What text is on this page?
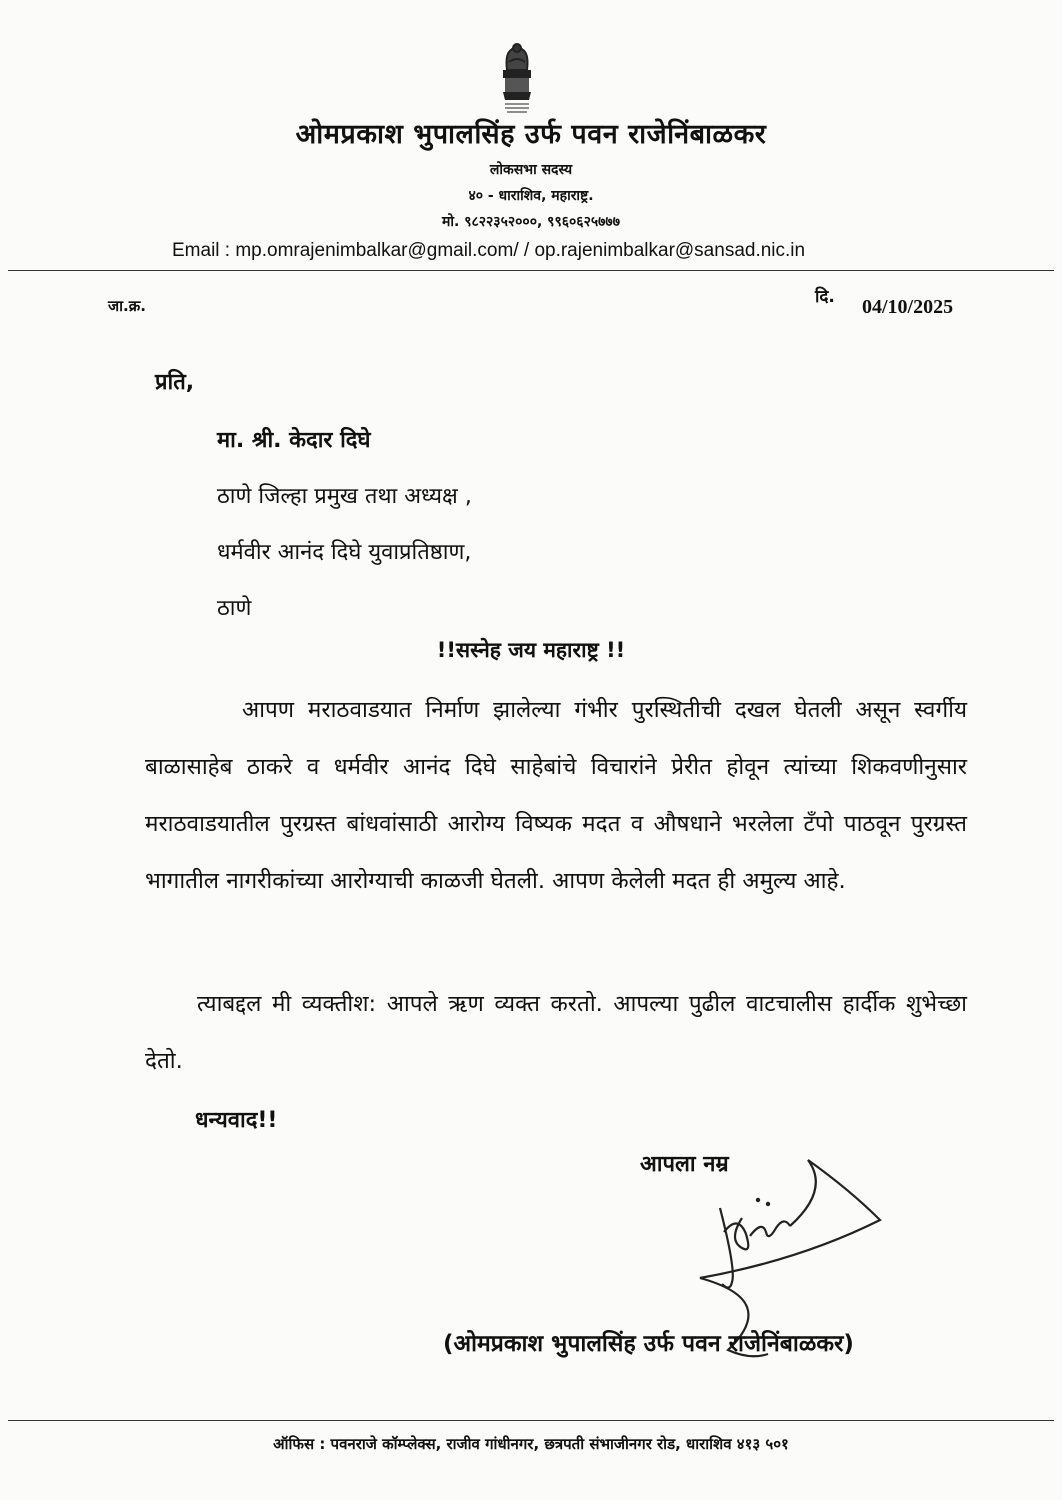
ओमप्रकाश भुपालसिंह उर्फ पवन राजेनिंबाळकर
लोकसभा सदस्य
४० - धाराशिव, महाराष्ट्र.
मो. ९८२२३५२०००, ९९६०६२५७७७
Email : mp.omrajenimbalkar@gmail.com/ / op.rajenimbalkar@sansad.nic.in
जा.क्र.	दि. 04/10/2025
प्रति,
मा. श्री. केदार दिघे
ठाणे जिल्हा प्रमुख तथा अध्यक्ष ,
धर्मवीर आनंद दिघे युवाप्रतिष्ठाण,
ठाणे
!!सस्नेह जय महाराष्ट्र !!
आपण मराठवाडयात निर्माण झालेल्या गंभीर पुरस्थितीची दखल घेतली असून स्वर्गीय बाळासाहेब ठाकरे व धर्मवीर आनंद दिघे साहेबांचे विचारांने प्रेरीत होवून त्यांच्या शिकवणीनुसार मराठवाडयातील पुरग्रस्त बांधवांसाठी आरोग्य विष्यक मदत व औषधाने भरलेला टॅंपो पाठवून पुरग्रस्त भागातील नागरीकांच्या आरोग्याची काळजी घेतली. आपण केलेली मदत ही अमुल्य आहे.
त्याबद्दल मी व्यक्तीश: आपले ऋण व्यक्त करतो. आपल्या पुढील वाटचालीस हार्दीक शुभेच्छा देतो.
धन्यवाद!!
आपला नम्र
(ओमप्रकाश भुपालसिंह उर्फ पवन राजेनिंबाळकर)
ऑफिस : पवनराजे कॉम्प्लेक्स, राजीव गांधीनगर, छत्रपती संभाजीनगर रोड, धाराशिव ४१३ ५०१
